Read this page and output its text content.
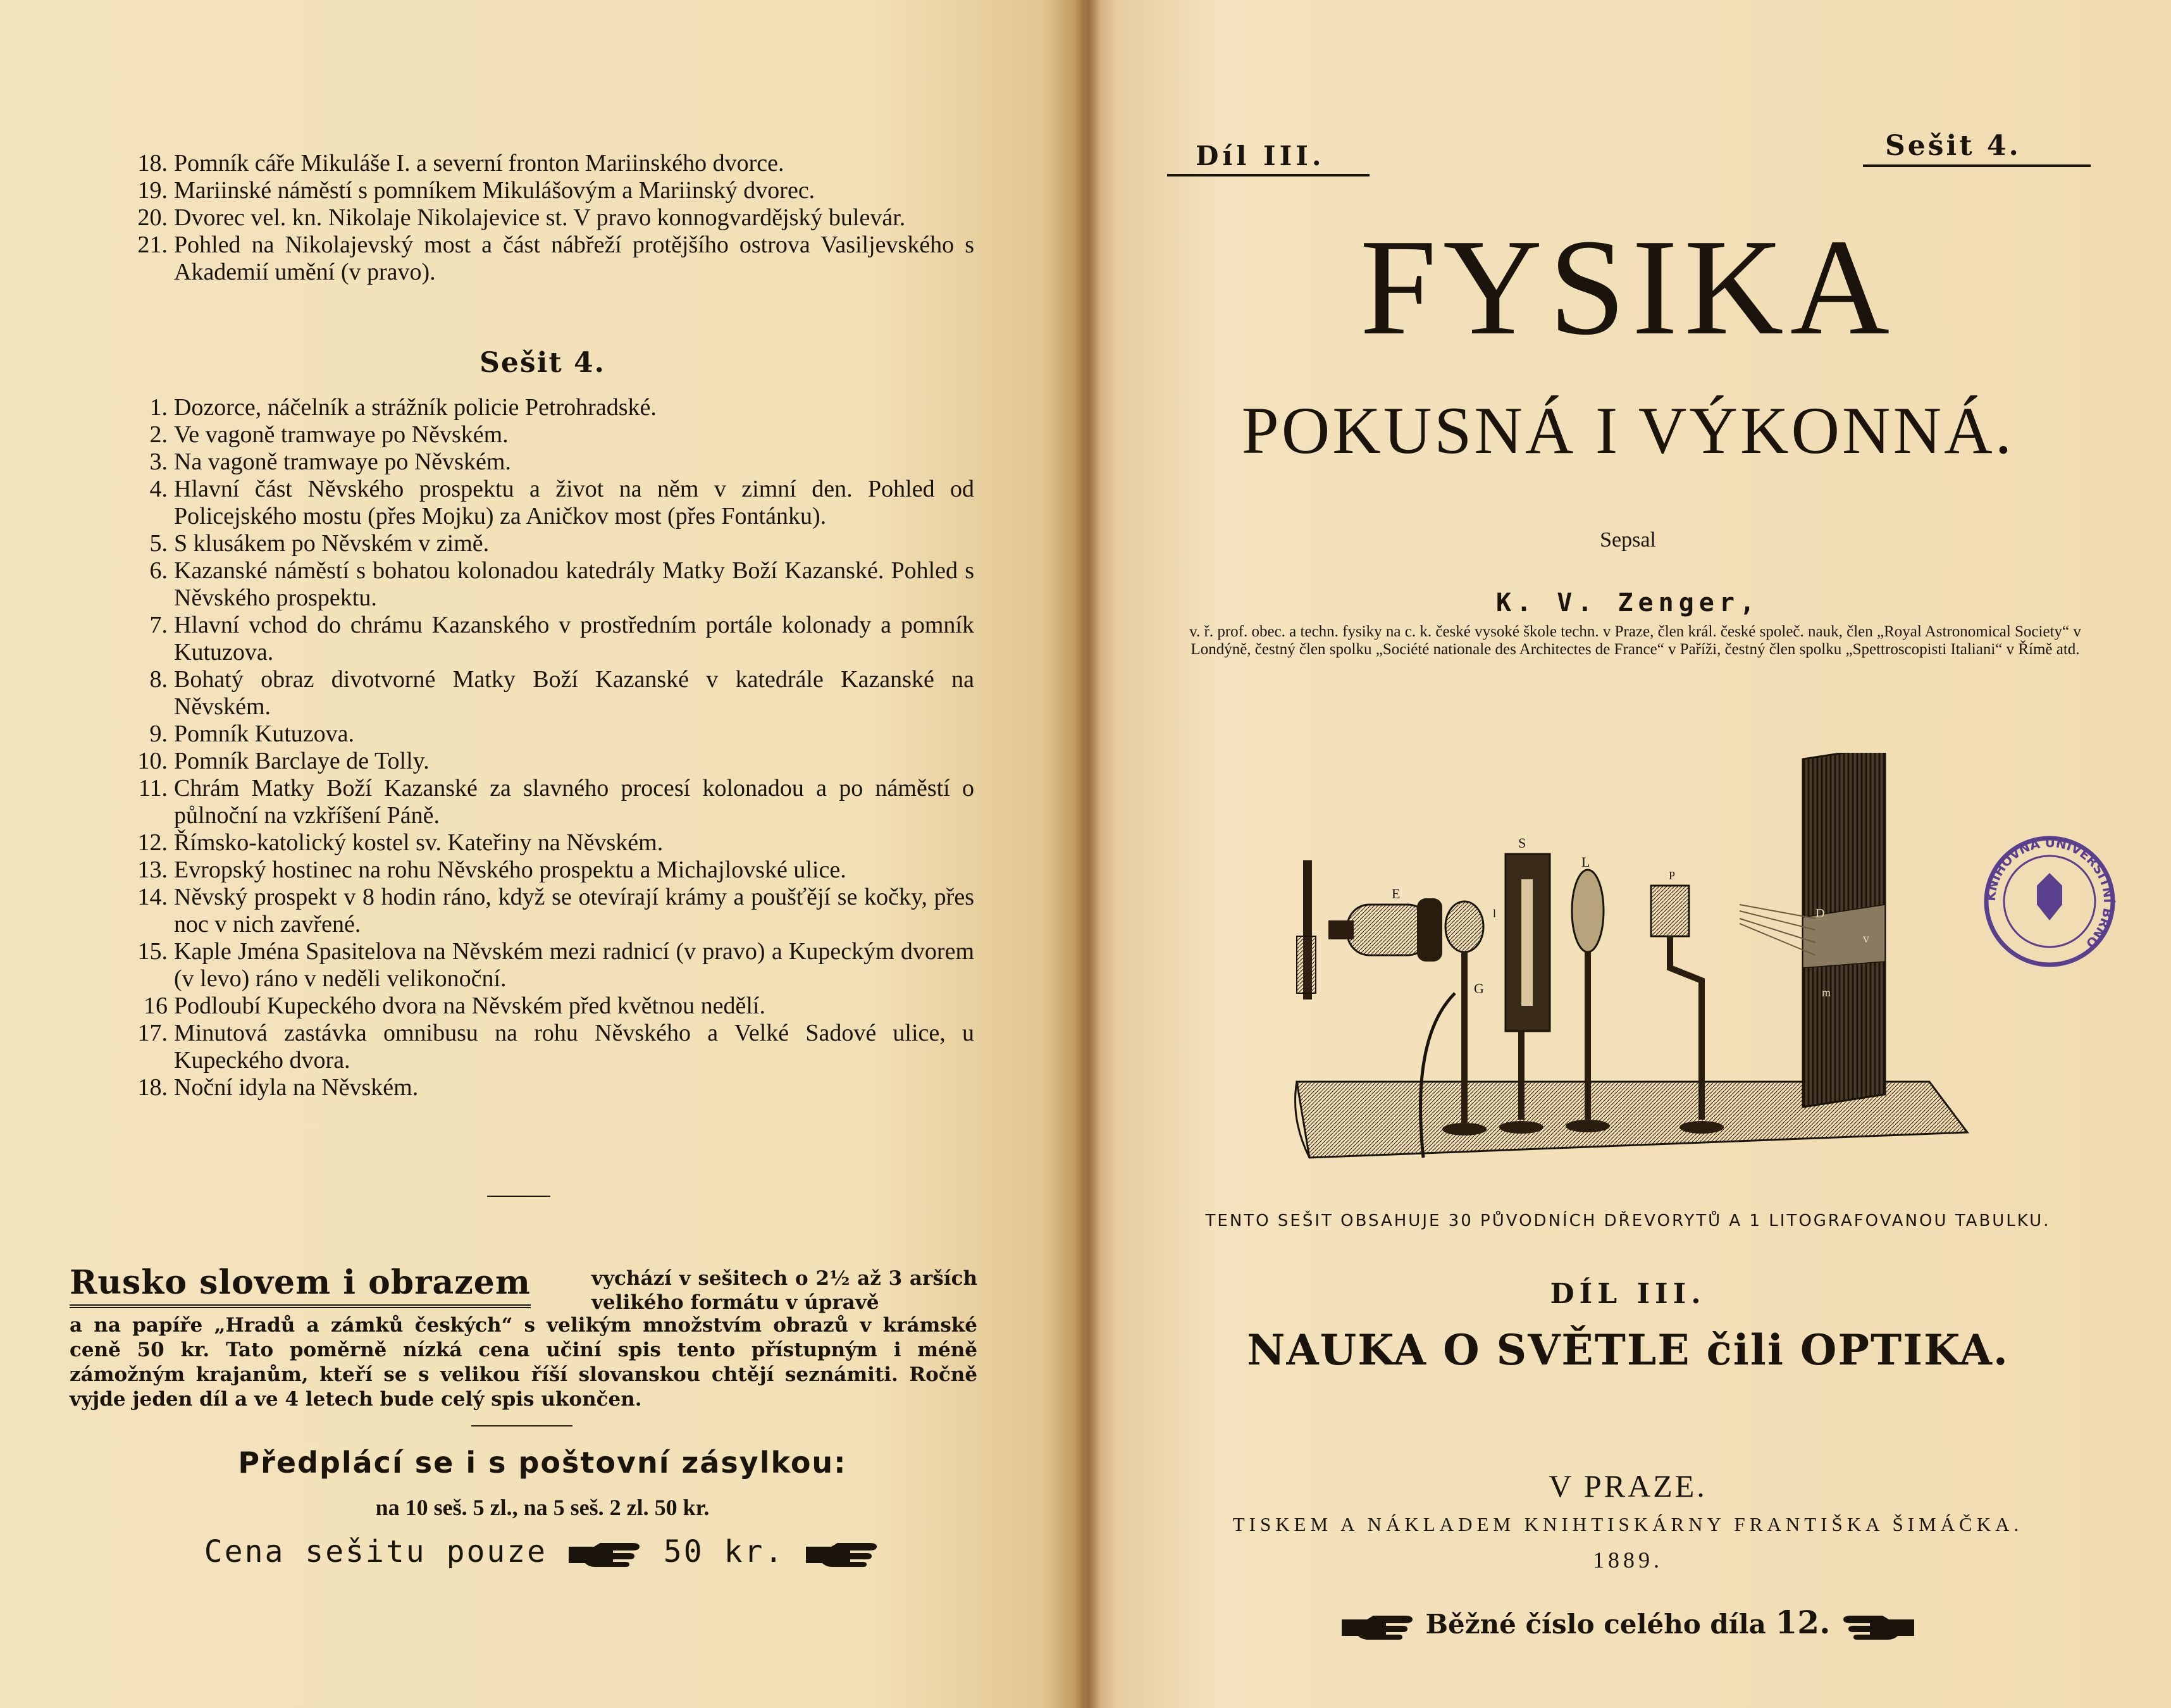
18. Pomník cáře Mikuláše I. a severní fronton Mariinského dvorce.
19. Mariinské náměstí s pomníkem Mikulášovým a Mariinský dvorec.
20. Dvorec vel. kn. Nikolaje Nikolajevice st. V pravo konnogvardějský bulevár.
21. Pohled na Nikolajevský most a část nábřeží protějšího ostrova Vasiljevského s Akademií umění (v pravo).
Sešit 4.
1. Dozorce, náčelník a strážník policie Petrohradské.
2. Ve vagoně tramwaye po Něvském.
3. Na vagoně tramwaye po Něvském.
4. Hlavní část Něvského prospektu a život na něm v zimní den. Pohled od Policejského mostu (přes Mojku) za Aničkov most (přes Fontánku).
5. S klusákem po Něvském v zimě.
6. Kazanské náměstí s bohatou kolonadou katedrály Matky Boží Kazanské. Pohled s Něvského prospektu.
7. Hlavní vchod do chrámu Kazanského v prostředním portále kolonady a pomník Kutuzova.
8. Bohatý obraz divotvorné Matky Boží Kazanské v katedrále Kazanské na Něvském.
9. Pomník Kutuzova.
10. Pomník Barclaye de Tolly.
11. Chrám Matky Boží Kazanské za slavného procesí kolonadou a po náměstí o půlnoční na vzkříšení Páně.
12. Římsko-katolický kostel sv. Kateřiny na Něvském.
13. Evropský hostinec na rohu Něvského prospektu a Michajlovské ulice.
14. Něvský prospekt v 8 hodin ráno, když se otevírají krámy a poušťějí se kočky, přes noc v nich zavřené.
15. Kaple Jména Spasitelova na Něvském mezi radnicí (v pravo) a Kupeckým dvorem (v levo) ráno v neděli velikonoční.
16 Podloubí Kupeckého dvora na Něvském před květnou nedělí.
17. Minutová zastávka omnibusu na rohu Něvského a Velké Sadové ulice, u Kupeckého dvora.
18. Noční idyla na Něvském.
Rusko slovem i obrazem	vychází v sešitech o 2½ až 3 arších velikého formátu v úpravě
a na papíře „Hradů a zámků českých“ s velikým množstvím obrazů v krámské ceně 50 kr. Tato poměrně nízká cena učiní spis tento přístupným i méně zámožným krajanům, kteří se s velikou říší slovanskou chtějí seznámiti. Ročně vyjde jeden díl a ve 4 letech bude celý spis ukončen.
Předplácí se i s poštovní zásylkou:
na 10 seš. 5 zl., na 5 seš. 2 zl. 50 kr.
Cena sešitu pouze	50 kr.
Díl III.	Sešit 4.
FYSIKA
POKUSNÁ I VÝKONNÁ.
Sepsal
K. V. Zenger,
v. ř. prof. obec. a techn. fysiky na c. k. české vysoké škole techn. v Praze, člen král. české společ. nauk, člen „Royal Astronomical Society“ v Londýně, čestný člen spolku „Société nationale des Architectes de France“ v Paříži, čestný člen spolku „Spettroscopisti Italiani“ v Římě atd.
E
S
L
P
G
l	D
v
m
KNIHOVNA UNIVERSITNÍ BRNO
TENTO SEŠIT OBSAHUJE 30 PŮVODNÍCH DŘEVORYTŮ A 1 LITOGRAFOVANOU TABULKU.
DÍL III.
NAUKA O SVĚTLE čili OPTIKA.
V PRAZE.
TISKEM A NÁKLADEM KNIHTISKÁRNY FRANTIŠKA ŠIMÁČKA.
1889.
Běžné číslo celého díla 12.
